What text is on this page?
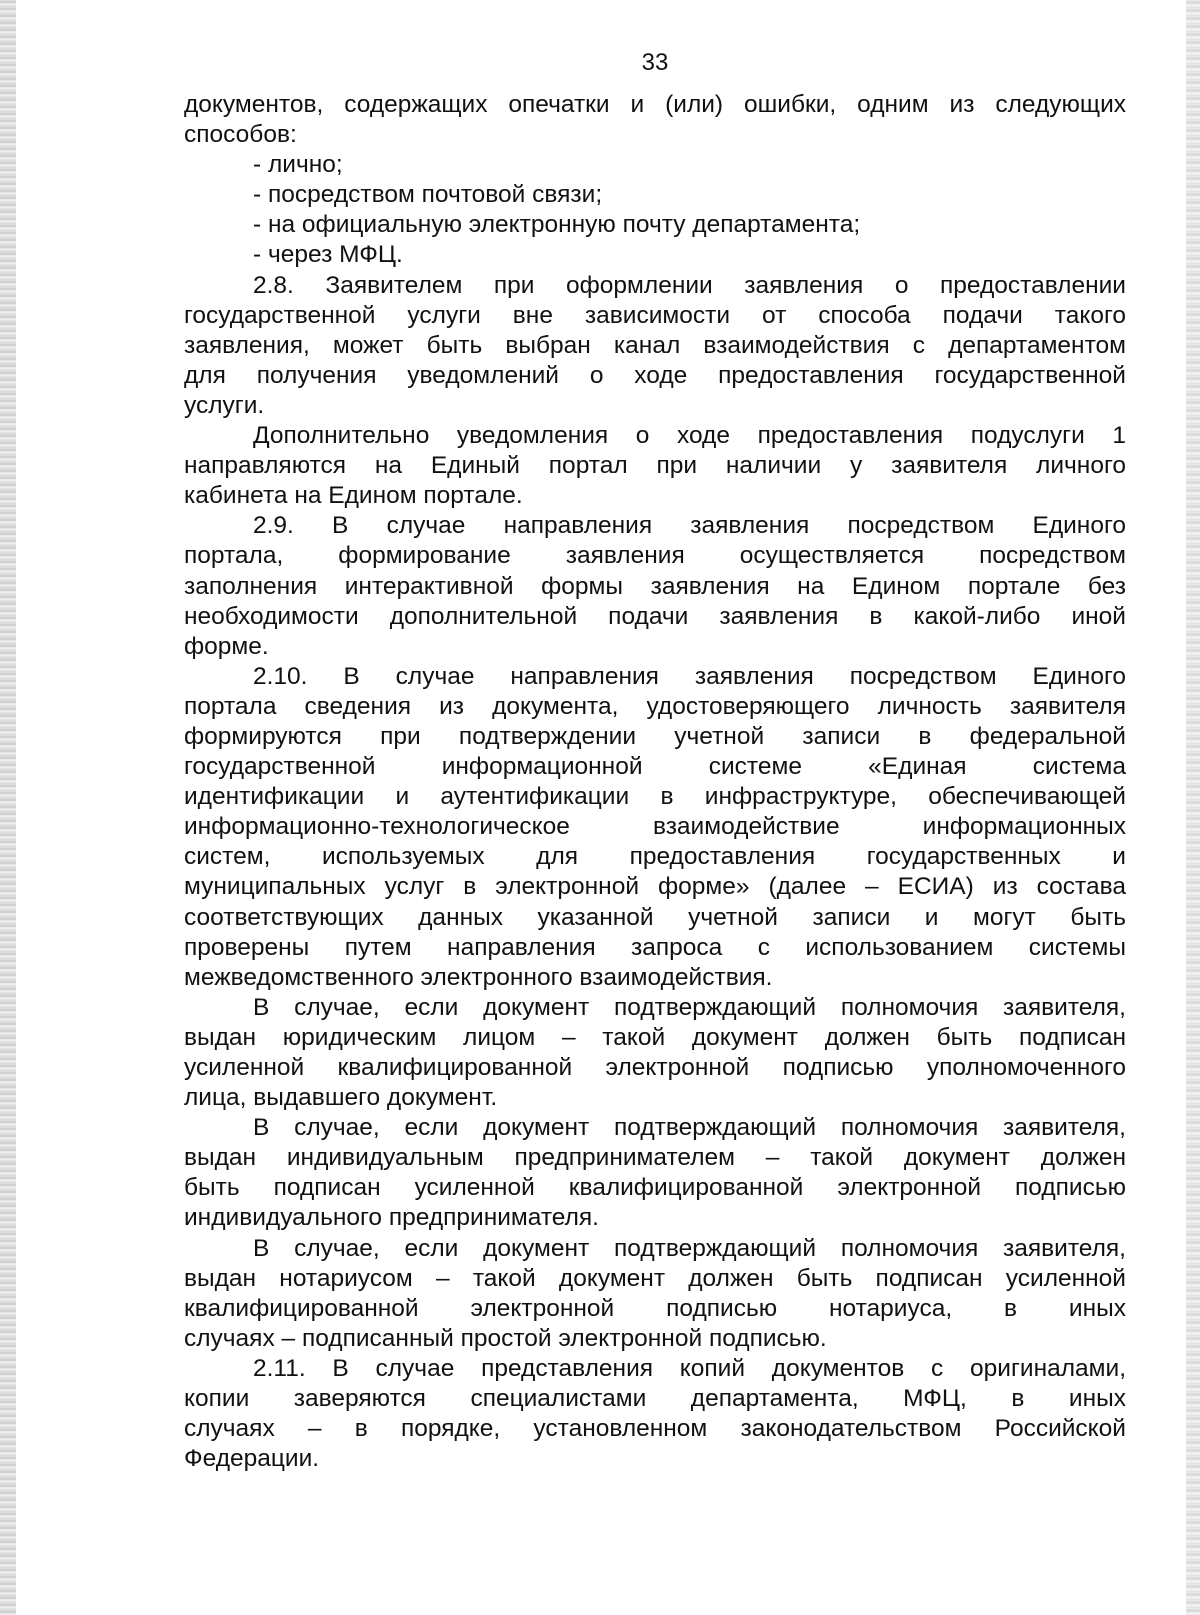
33

документов, содержащих опечатки и (или) ошибки, одним из следующих

способов:

- лично;

- посредством почтовой связи;

- на официальную электронную почту департамента;

- через МФЦ.

2.8. Заявителем при оформлении заявления о предоставлении

государственной услуги вне зависимости от способа подачи такого

заявления, может быть выбран канал взаимодействия с департаментом

для получения уведомлений о ходе предоставления государственной

услуги.

Дополнительно уведомления о ходе предоставления подуслуги 1

направляются на Единый портал при наличии у заявителя личного

кабинета на Едином портале.

2.9. В случае направления заявления посредством Единого

портала, формирование заявления осуществляется посредством

заполнения интерактивной формы заявления на Едином портале без

необходимости дополнительной подачи заявления в какой-либо иной

форме.

2.10. В случае направления заявления посредством Единого

портала сведения из документа, удостоверяющего личность заявителя

формируются при подтверждении учетной записи в федеральной

государственной информационной системе «Единая система

идентификации и аутентификации в инфраструктуре, обеспечивающей

информационно-технологическое взаимодействие информационных

систем, используемых для предоставления государственных и

муниципальных услуг в электронной форме» (далее – ЕСИА) из состава

соответствующих данных указанной учетной записи и могут быть

проверены путем направления запроса с использованием системы

межведомственного электронного взаимодействия.

В случае, если документ подтверждающий полномочия заявителя,

выдан юридическим лицом – такой документ должен быть подписан

усиленной квалифицированной электронной подписью уполномоченного

лица, выдавшего документ.

В случае, если документ подтверждающий полномочия заявителя,

выдан индивидуальным предпринимателем – такой документ должен

быть подписан усиленной квалифицированной электронной подписью

индивидуального предпринимателя.

В случае, если документ подтверждающий полномочия заявителя,

выдан нотариусом – такой документ должен быть подписан усиленной

квалифицированной электронной подписью нотариуса, в иных

случаях – подписанный простой электронной подписью.

2.11. В случае представления копий документов с оригиналами,

копии заверяются специалистами департамента, МФЦ, в иных

случаях – в порядке, установленном законодательством Российской

Федерации.
